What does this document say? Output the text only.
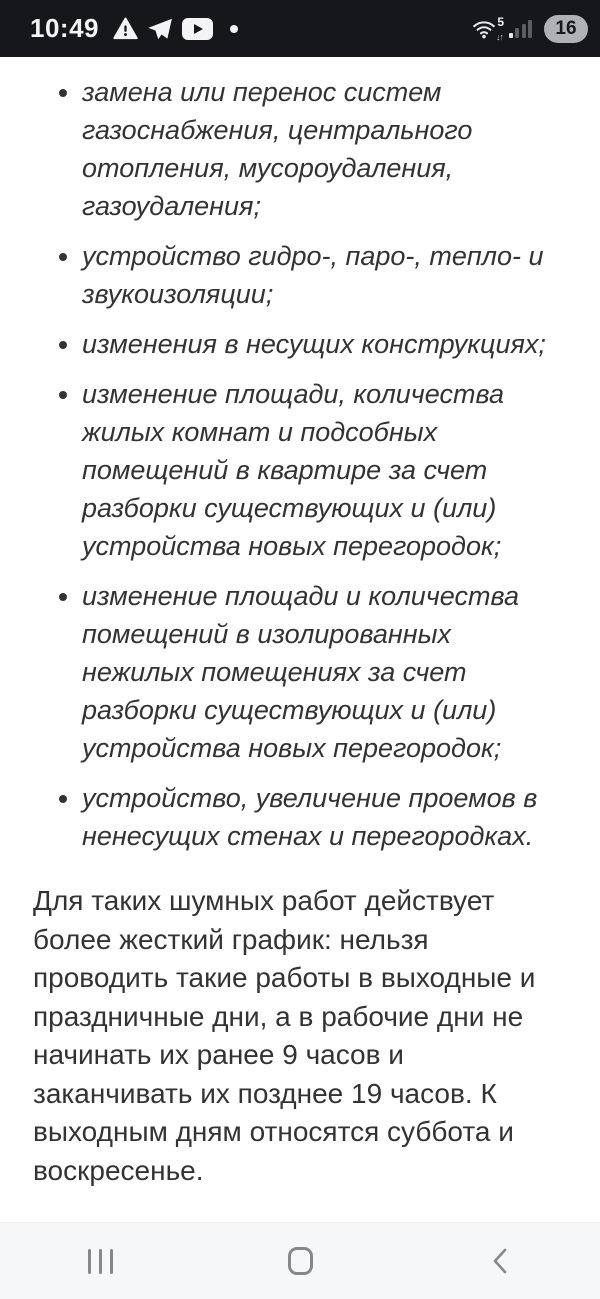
10:49	5
↓↑	16
• замена или перенос систем газоснабжения, центрального отопления, мусороудаления, газоудаления;
• устройство гидро-, паро-, тепло- и звукоизоляции;
• изменения в несущих конструкциях;
• изменение площади, количества жилых комнат и подсобных помещений в квартире за счет разборки существующих и (или) устройства новых перегородок;
• изменение площади и количества помещений в изолированных нежилых помещениях за счет разборки существующих и (или) устройства новых перегородок;
• устройство, увеличение проемов в ненесущих стенах и перегородках.

Для таких шумных работ действует более жесткий график: нельзя проводить такие работы в выходные и праздничные дни, а в рабочие дни не начинать их ранее 9 часов и заканчивать их позднее 19 часов. К выходным дням относятся суббота и воскресенье.
